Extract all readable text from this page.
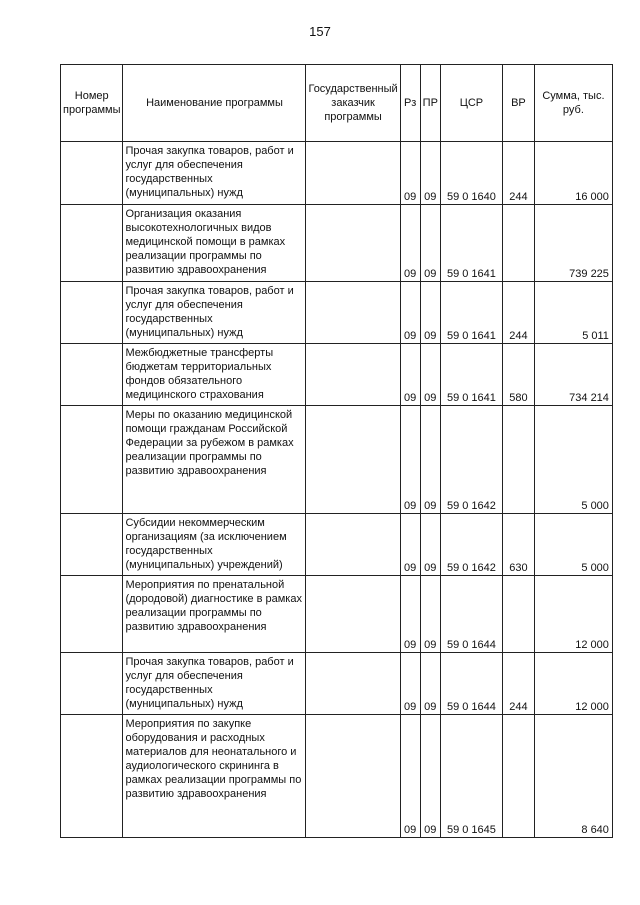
157
Номер программы	Наименование программы	Государственный заказчик программы	Рз	ПР	ЦСР	ВР	Сумма, тыс. руб.
	Прочая закупка товаров, работ и услуг для обеспечения государственных (муниципальных) нужд		09	09	59 0 1640	244	16 000
	Организация оказания высокотехнологичных видов медицинской помощи в рамках реализации программы по развитию здравоохранения		09	09	59 0 1641		739 225
	Прочая закупка товаров, работ и услуг для обеспечения государственных (муниципальных) нужд		09	09	59 0 1641	244	5 011
	Межбюджетные трансферты бюджетам территориальных фондов обязательного медицинского страхования		09	09	59 0 1641	580	734 214
	Меры по оказанию медицинской помощи гражданам Российской Федерации за рубежом в рамках реализации программы по развитию здравоохранения		09	09	59 0 1642		5 000
	Субсидии некоммерческим организациям (за исключением государственных (муниципальных) учреждений)		09	09	59 0 1642	630	5 000
	Мероприятия по пренатальной (дородовой) диагностике в рамках реализации программы по развитию здравоохранения		09	09	59 0 1644		12 000
	Прочая закупка товаров, работ и услуг для обеспечения государственных (муниципальных) нужд		09	09	59 0 1644	244	12 000
	Мероприятия по закупке оборудования и расходных материалов для неонатального и аудиологического скрининга в рамках реализации программы по развитию здравоохранения		09	09	59 0 1645		8 640
